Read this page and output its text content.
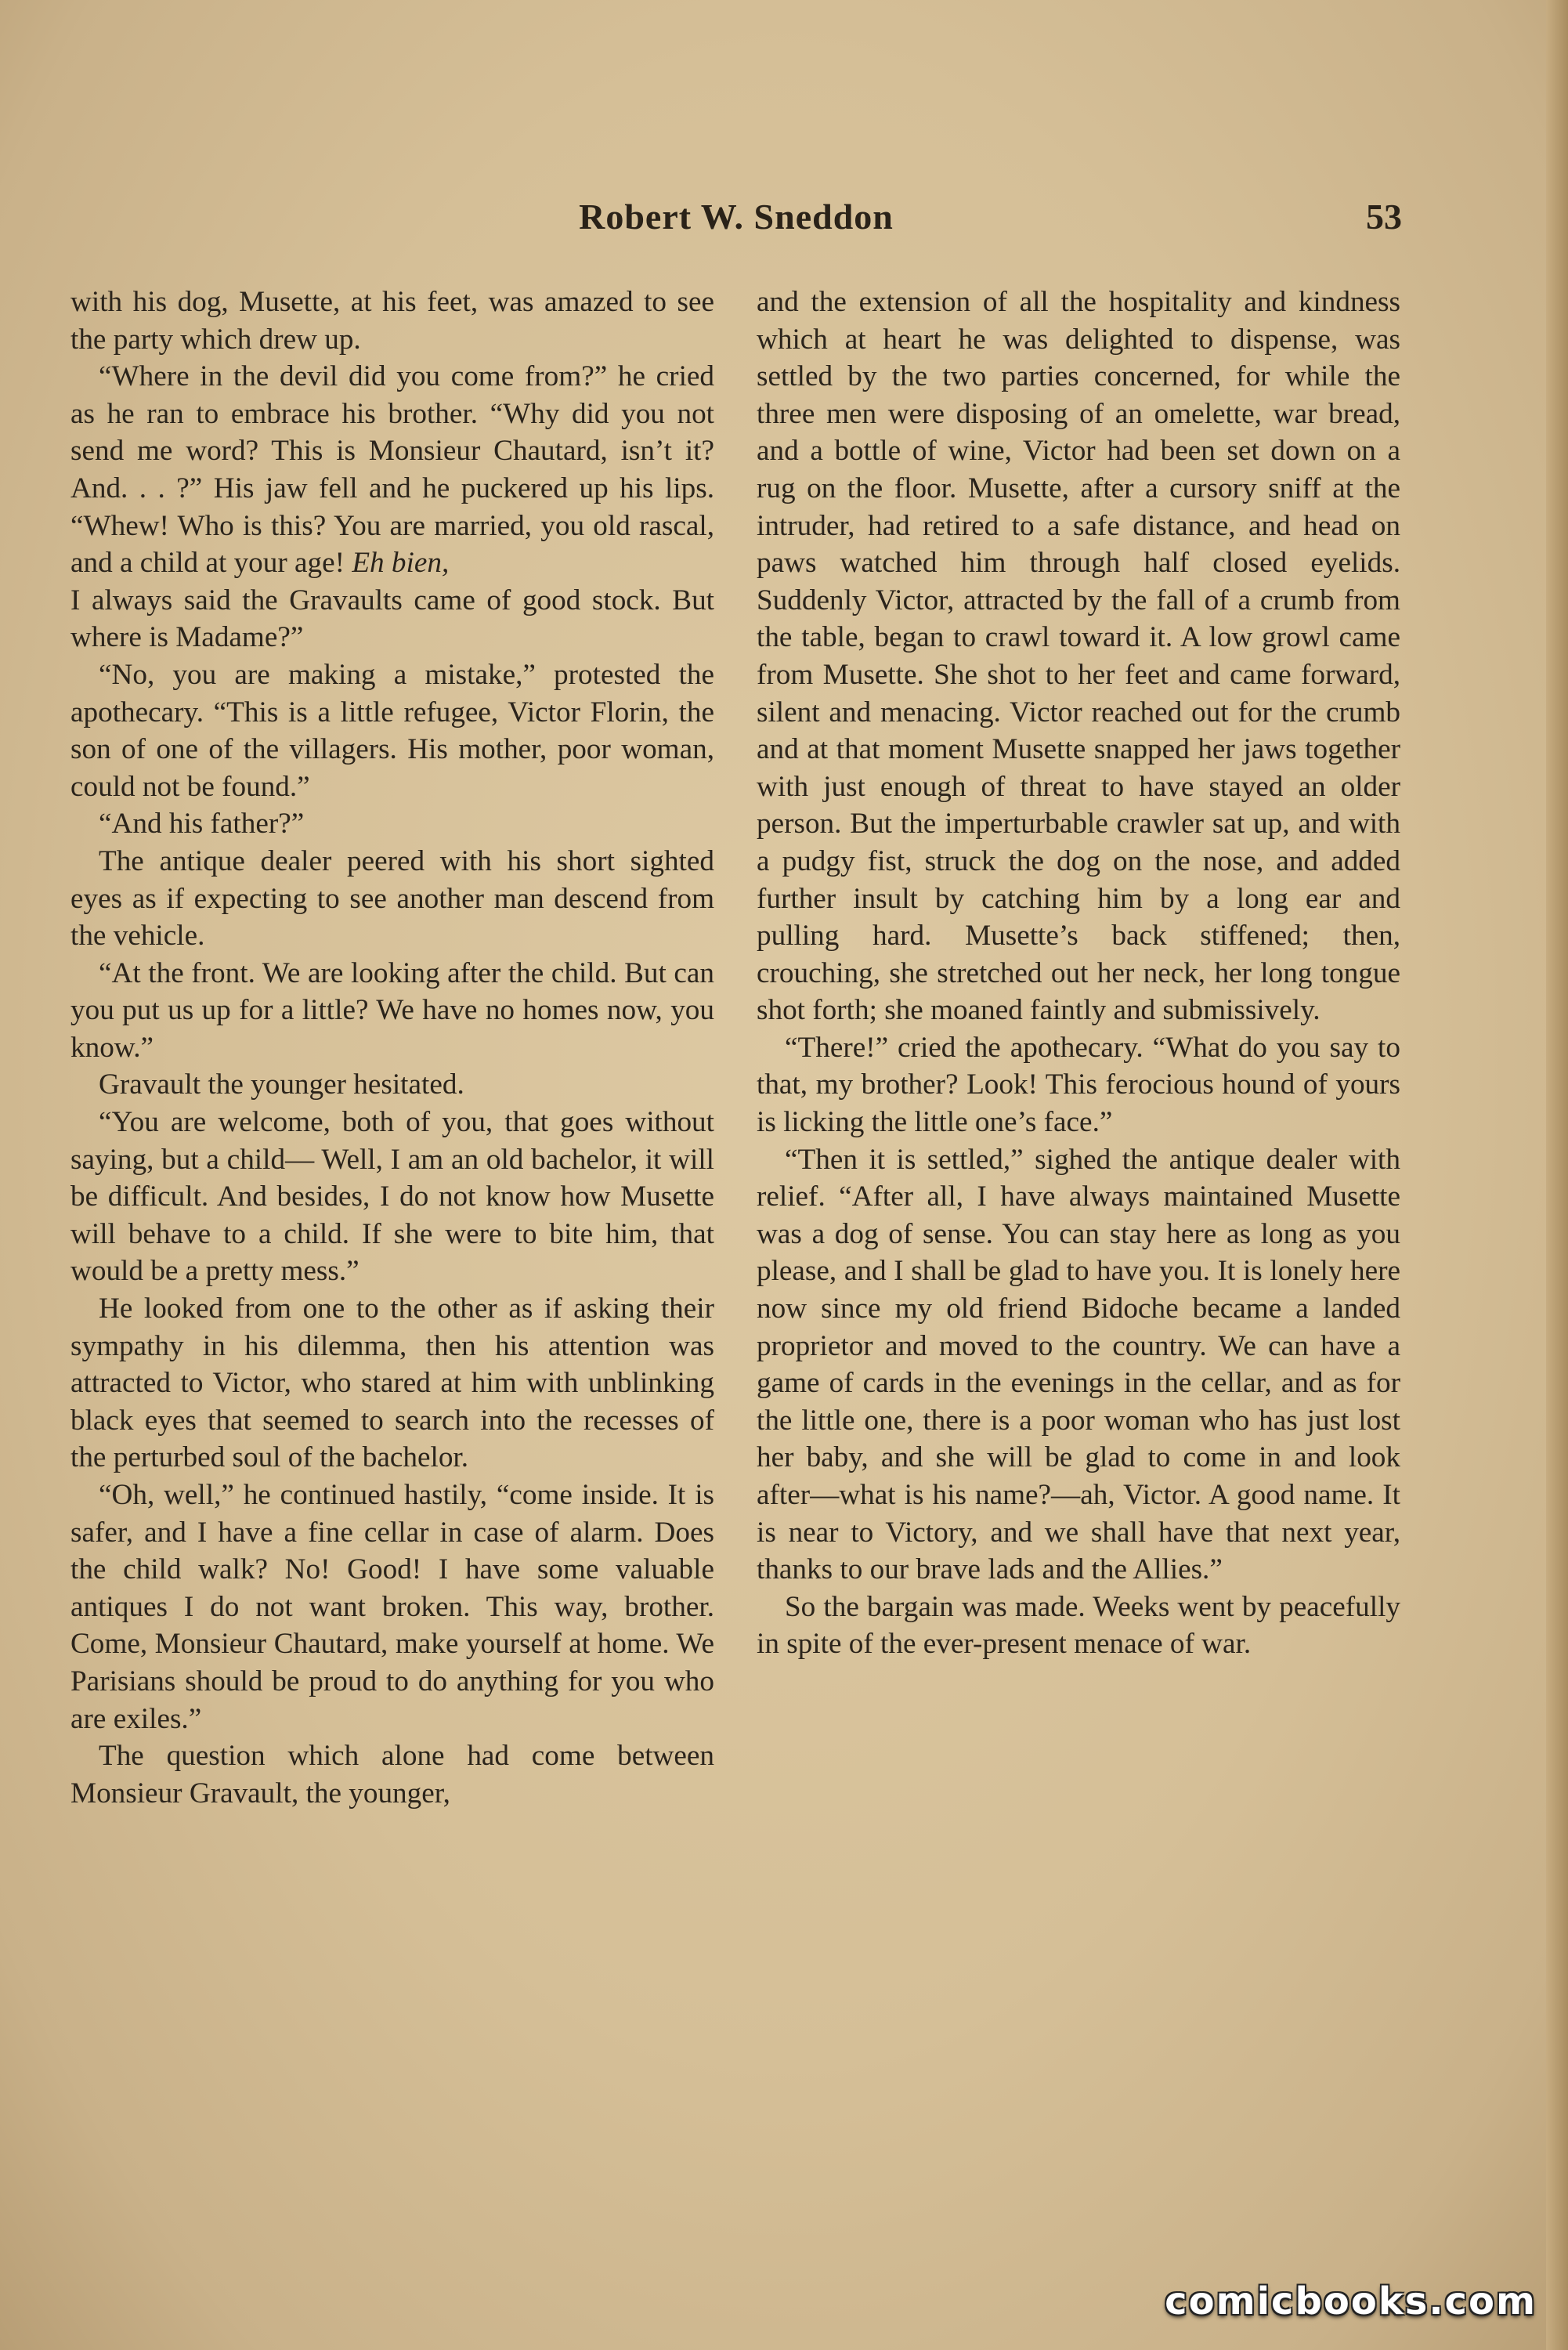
Robert W. Sneddon	53

with his dog, Musette, at his feet, was amazed to see the party which drew up.

“Where in the devil did you come from?” he cried as he ran to embrace his brother. “Why did you not send me word? This is Monsieur Chautard, isn’t it? And. . . ?” His jaw fell and he puckered up his lips. “Whew! Who is this? You are married, you old rascal, and a child at your age! Eh bien,

I always said the Gravaults came of good stock. But where is Madame?”

“No, you are making a mistake,” protested the apothecary. “This is a little refugee, Victor Florin, the son of one of the villagers. His mother, poor woman, could not be found.”

“And his father?”

The antique dealer peered with his short sighted eyes as if expecting to see another man descend from the vehicle.

“At the front. We are looking after the child. But can you put us up for a little? We have no homes now, you know.”

Gravault the younger hesitated.

“You are welcome, both of you, that goes without saying, but a child— Well, I am an old bachelor, it will be difficult. And besides, I do not know how Musette will behave to a child. If she were to bite him, that would be a pretty mess.”

He looked from one to the other as if asking their sympathy in his dilemma, then his attention was attracted to Victor, who stared at him with unblinking black eyes that seemed to search into the recesses of the perturbed soul of the bachelor.

“Oh, well,” he continued hastily, “come inside. It is safer, and I have a fine cellar in case of alarm. Does the child walk? No! Good! I have some valuable antiques I do not want broken. This way, brother. Come, Monsieur Chautard, make yourself at home. We Parisians should be proud to do anything for you who are exiles.”

The question which alone had come between Monsieur Gravault, the younger,

and the extension of all the hospitality and kindness which at heart he was delighted to dispense, was settled by the two parties concerned, for while the three men were disposing of an omelette, war bread, and a bottle of wine, Victor had been set down on a rug on the floor. Musette, after a cursory sniff at the intruder, had retired to a safe distance, and head on paws watched him through half closed eyelids. Suddenly Victor, attracted by the fall of a crumb from the table, began to crawl toward it. A low growl came from Musette. She shot to her feet and came forward, silent and menacing. Victor reached out for the crumb and at that moment Musette snapped her jaws together with just enough of threat to have stayed an older person. But the imperturbable crawler sat up, and with a pudgy fist, struck the dog on the nose, and added further insult by catching him by a long ear and pulling hard. Musette’s back stiffened; then, crouching, she stretched out her neck, her long tongue shot forth; she moaned faintly and submissively.

“There!” cried the apothecary. “What do you say to that, my brother? Look! This ferocious hound of yours is licking the little one’s face.”

“Then it is settled,” sighed the antique dealer with relief. “After all, I have always maintained Musette was a dog of sense. You can stay here as long as you please, and I shall be glad to have you. It is lonely here now since my old friend Bidoche became a landed proprietor and moved to the country. We can have a game of cards in the evenings in the cellar, and as for the little one, there is a poor woman who has just lost her baby, and she will be glad to come in and look after—what is his name?—ah, Victor. A good name. It is near to Victory, and we shall have that next year, thanks to our brave lads and the Allies.”

So the bargain was made. Weeks went by peacefully in spite of the ever-present menace of war.

comicbooks.com
